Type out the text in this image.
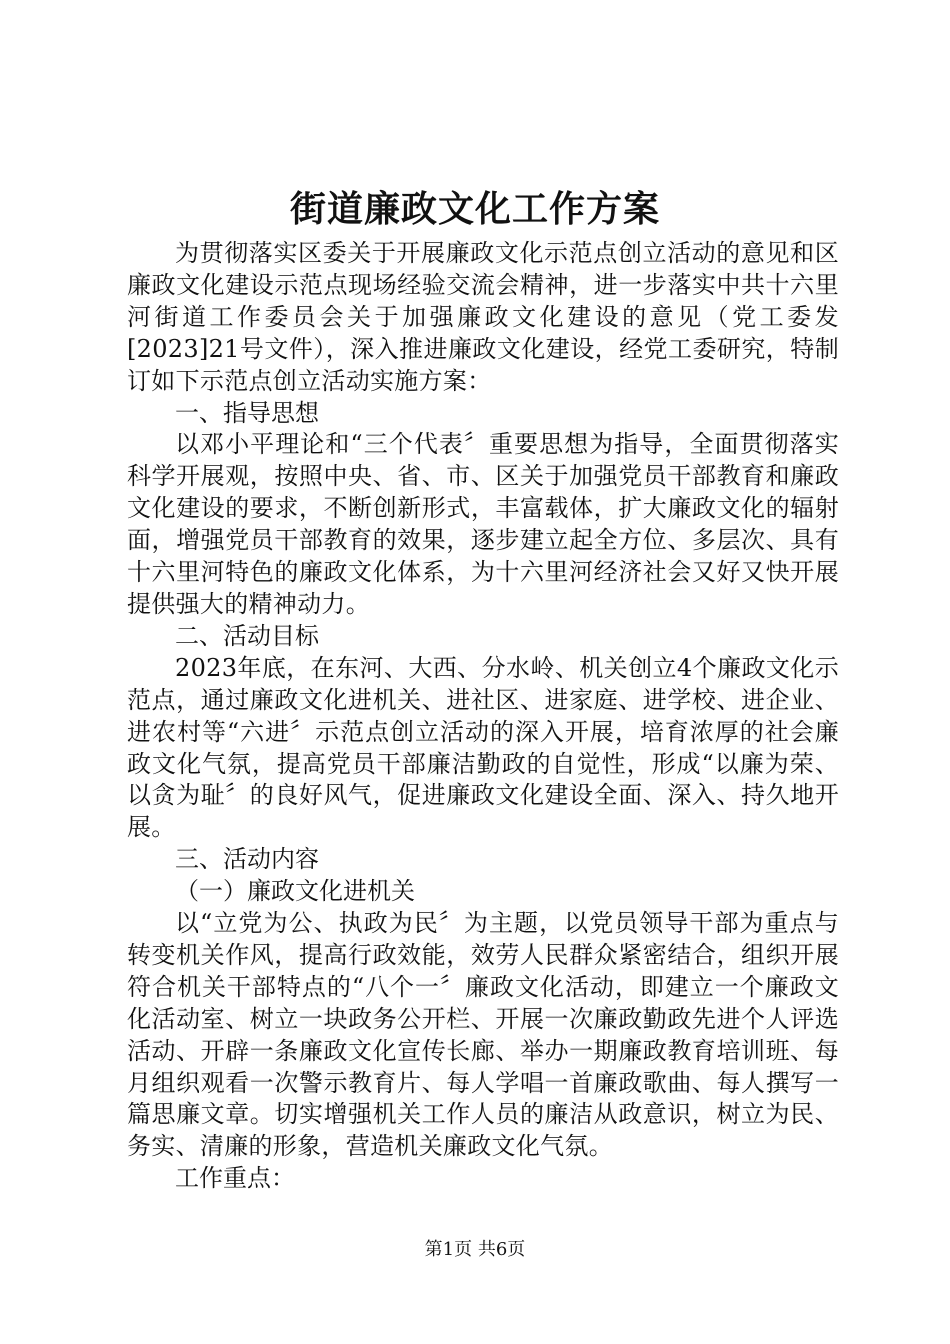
街道廉政文化工作方案

为贯彻落实区委关于开展廉政文化示范点创立活动的意见和区廉政文化建设示范点现场经验交流会精神，进一步落实中共十六里河街道工作委员会关于加强廉政文化建设的意见（党工委发[2023]21号文件），深入推进廉政文化建设，经党工委研究，特制订如下示范点创立活动实施方案：

一、指导思想

以邓小平理论和“三个代表〞重要思想为指导，全面贯彻落实科学开展观，按照中央、省、市、区关于加强党员干部教育和廉政文化建设的要求，不断创新形式，丰富载体，扩大廉政文化的辐射面，增强党员干部教育的效果，逐步建立起全方位、多层次、具有十六里河特色的廉政文化体系，为十六里河经济社会又好又快开展提供强大的精神动力。

二、活动目标

2023年底，在东河、大西、分水岭、机关创立4个廉政文化示范点，通过廉政文化进机关、进社区、进家庭、进学校、进企业、进农村等“六进〞示范点创立活动的深入开展，培育浓厚的社会廉政文化气氛，提高党员干部廉洁勤政的自觉性，形成“以廉为荣、以贪为耻〞的良好风气，促进廉政文化建设全面、深入、持久地开展。

三、活动内容

（一）廉政文化进机关

以“立党为公、执政为民〞为主题，以党员领导干部为重点与转变机关作风，提高行政效能，效劳人民群众紧密结合，组织开展符合机关干部特点的“八个一〞廉政文化活动，即建立一个廉政文化活动室、树立一块政务公开栏、开展一次廉政勤政先进个人评选活动、开辟一条廉政文化宣传长廊、举办一期廉政教育培训班、每月组织观看一次警示教育片、每人学唱一首廉政歌曲、每人撰写一篇思廉文章。切实增强机关工作人员的廉洁从政意识，树立为民、务实、清廉的形象，营造机关廉政文化气氛。

工作重点：

第1页 共6页
